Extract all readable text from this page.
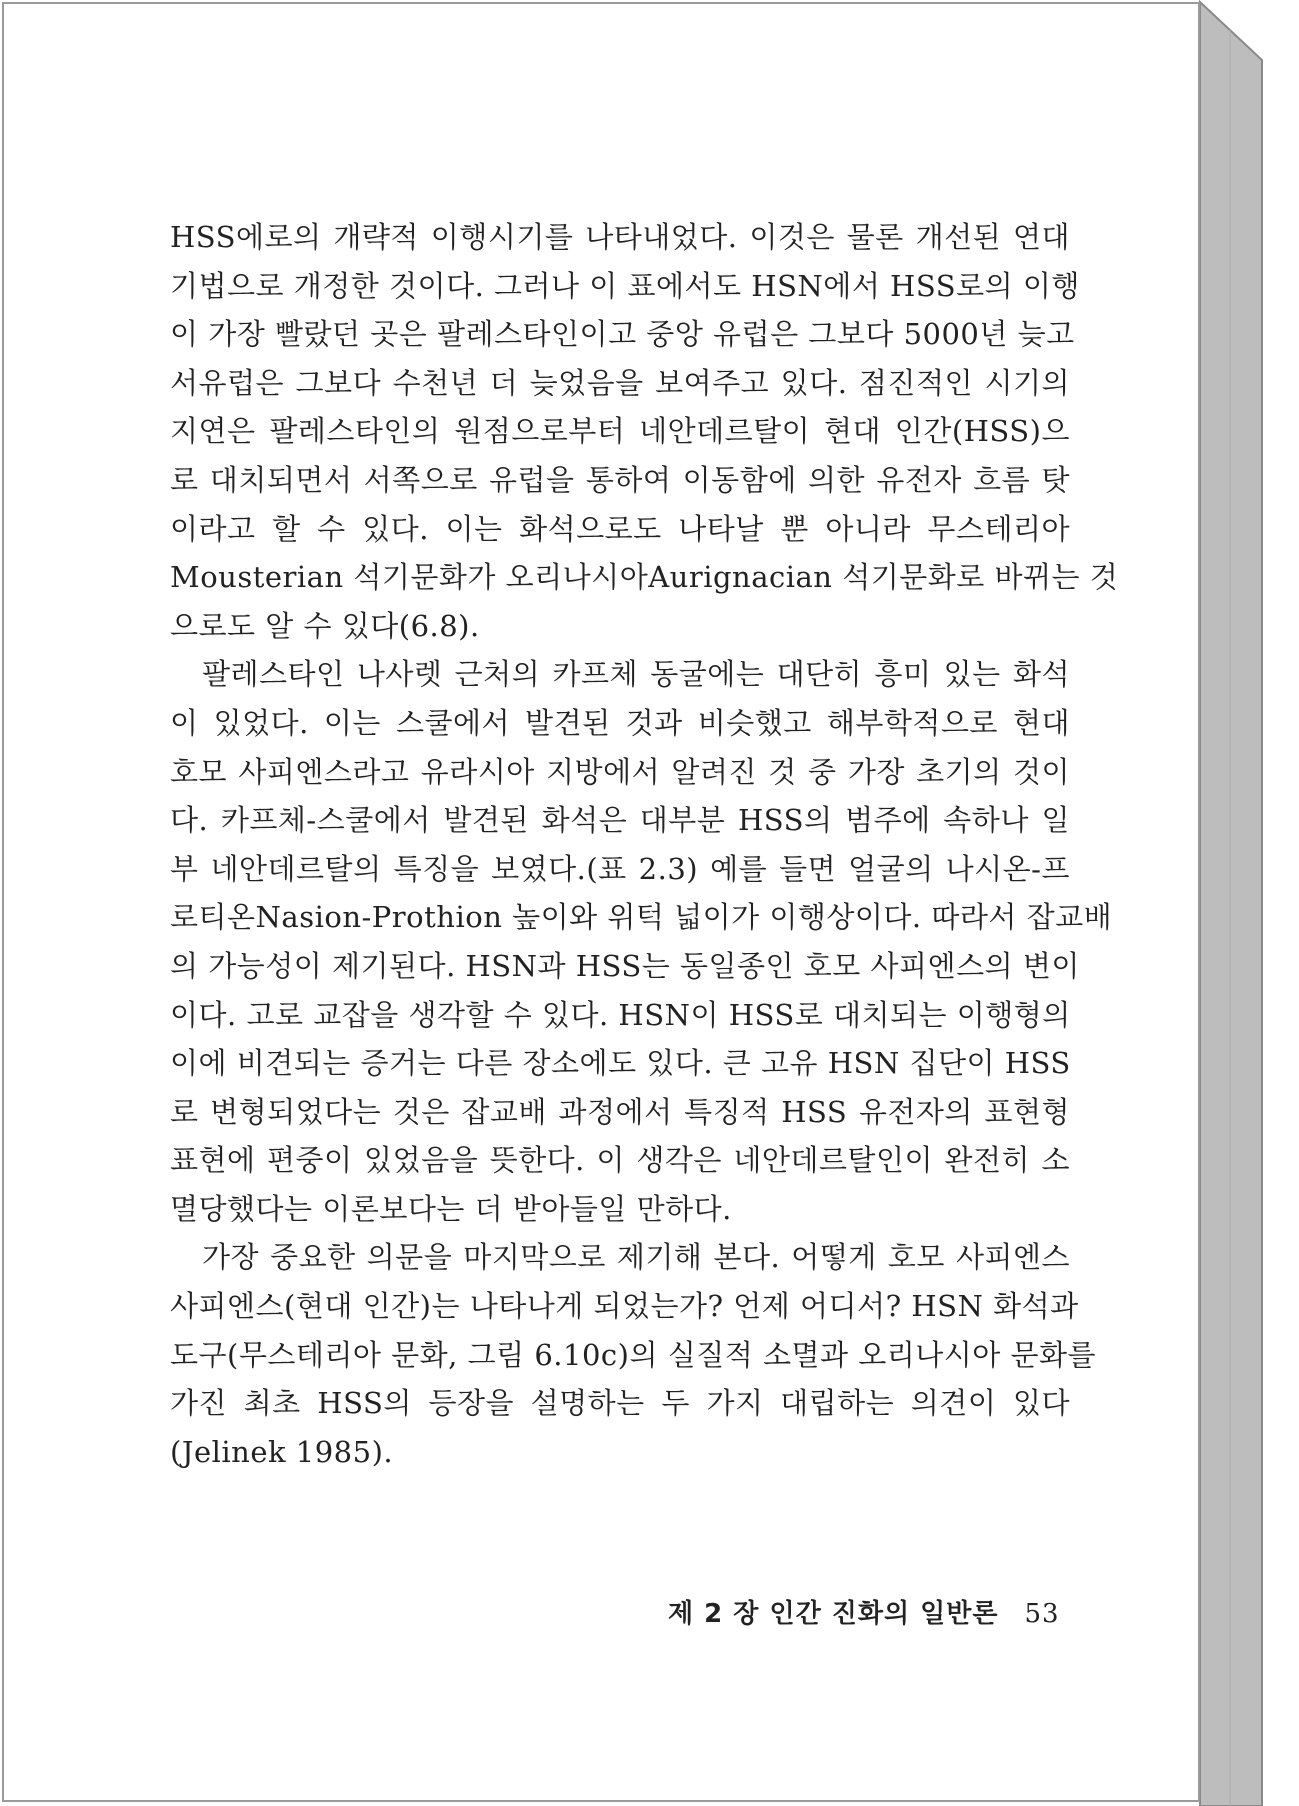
HSS에로의 개략적 이행시기를 나타내었다. 이것은 물론 개선된 연대
기법으로 개정한 것이다. 그러나 이 표에서도 HSN에서 HSS로의 이행
이 가장 빨랐던 곳은 팔레스타인이고 중앙 유럽은 그보다 5000년 늦고
서유럽은 그보다 수천년 더 늦었음을 보여주고 있다. 점진적인 시기의
지연은 팔레스타인의 원점으로부터 네안데르탈이 현대 인간(HSS)으
로 대치되면서 서쪽으로 유럽을 통하여 이동함에 의한 유전자 흐름 탓
이라고 할 수 있다. 이는 화석으로도 나타날 뿐 아니라 무스테리아
Mousterian 석기문화가 오리나시아Aurignacian 석기문화로 바뀌는 것
으로도 알 수 있다(6.8).
팔레스타인 나사렛 근처의 카프체 동굴에는 대단히 흥미 있는 화석
이 있었다. 이는 스쿨에서 발견된 것과 비슷했고 해부학적으로 현대
호모 사피엔스라고 유라시아 지방에서 알려진 것 중 가장 초기의 것이
다. 카프체-스쿨에서 발견된 화석은 대부분 HSS의 범주에 속하나 일
부 네안데르탈의 특징을 보였다.(표 2.3) 예를 들면 얼굴의 나시온-프
로티온Nasion-Prothion 높이와 위턱 넓이가 이행상이다. 따라서 잡교배
의 가능성이 제기된다. HSN과 HSS는 동일종인 호모 사피엔스의 변이
이다. 고로 교잡을 생각할 수 있다. HSN이 HSS로 대치되는 이행형의
이에 비견되는 증거는 다른 장소에도 있다. 큰 고유 HSN 집단이 HSS
로 변형되었다는 것은 잡교배 과정에서 특징적 HSS 유전자의 표현형
표현에 편중이 있었음을 뜻한다. 이 생각은 네안데르탈인이 완전히 소
멸당했다는 이론보다는 더 받아들일 만하다.
가장 중요한 의문을 마지막으로 제기해 본다. 어떻게 호모 사피엔스
사피엔스(현대 인간)는 나타나게 되었는가? 언제 어디서? HSN 화석과
도구(무스테리아 문화, 그림 6.10c)의 실질적 소멸과 오리나시아 문화를
가진 최초 HSS의 등장을 설명하는 두 가지 대립하는 의견이 있다
(Jelinek 1985).
제 2 장 인간 진화의 일반론 53
